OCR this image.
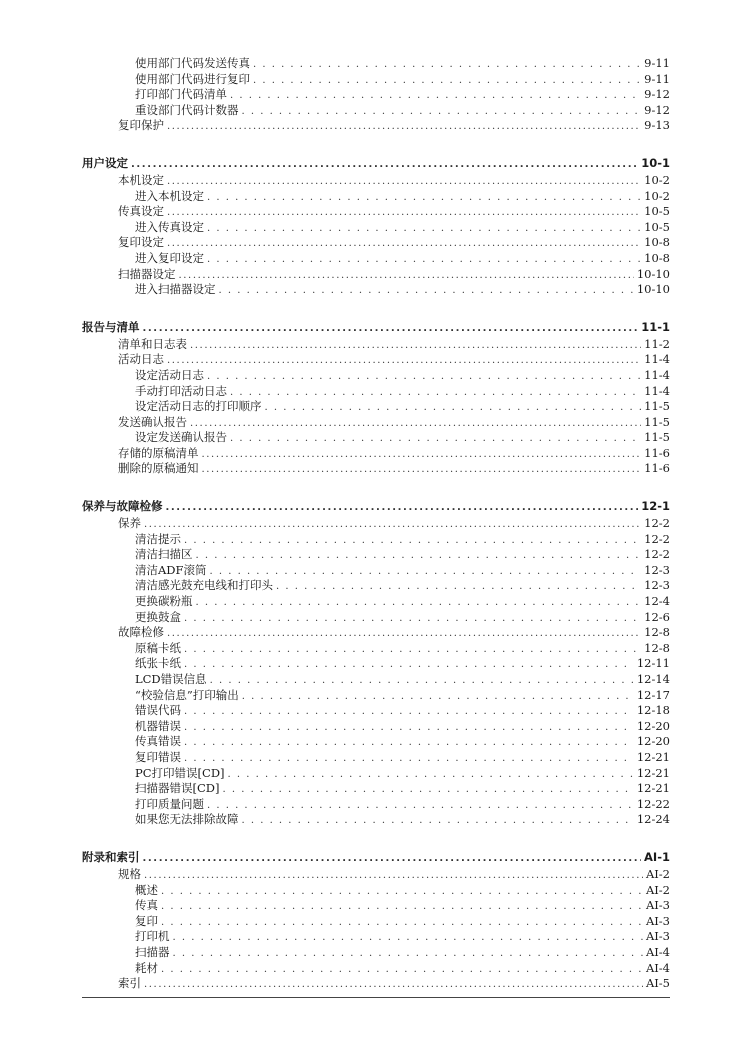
使用部门代码发送传真 . . .	9-11
使用部门代码进行复印 . . .	9-11
打印部门代码清单 . . .	9-12
重设部门代码计数器 . . .	9-12
复印保护 .....	9-13
用户设定 .....	10-1
本机设定 .....	10-2
进入本机设定 . . .	10-2
传真设定 .....	10-5
进入传真设定 . . .	10-5
复印设定 .....	10-8
进入复印设定 . . .	10-8
扫描器设定 .....	10-10
进入扫描器设定 . . .	10-10
报告与清单 .....	11-1
清单和日志表 .....	11-2
活动日志 .....	11-4
设定活动日志 . . .	11-4
手动打印活动日志 . . .	11-4
设定活动日志的打印顺序 . . .	11-5
发送确认报告 .....	11-5
设定发送确认报告 . . .	11-5
存储的原稿清单 .....	11-6
删除的原稿通知 .....	11-6
保养与故障检修 .....	12-1
保养 .....	12-2
清洁提示 . . .	12-2
清洁扫描区 . . .	12-2
清洁ADF滚筒 . . .	12-3
清洁感光鼓充电线和打印头 . . .	12-3
更换碳粉瓶 . . .	12-4
更换鼓盒 . . .	12-6
故障检修 .....	12-8
原稿卡纸 . . .	12-8
纸张卡纸 . . .	12-11
LCD错误信息 . . .	12-14
“校验信息”打印输出 . . .	12-17
错误代码 . . .	12-18
机器错误 . . .	12-20
传真错误 . . .	12-20
复印错误 . . .	12-21
PC打印错误[CD] . . .	12-21
扫描器错误[CD] . . .	12-21
打印质量问题 . . .	12-22
如果您无法排除故障 . . .	12-24
附录和索引 .....	AI-1
规格 .....	AI-2
概述 . . .	AI-2
传真 . . .	AI-3
复印 . . .	AI-3
打印机 . . .	AI-3
扫描器 . . .	AI-4
耗材 . . .	AI-4
索引 .....	AI-5
